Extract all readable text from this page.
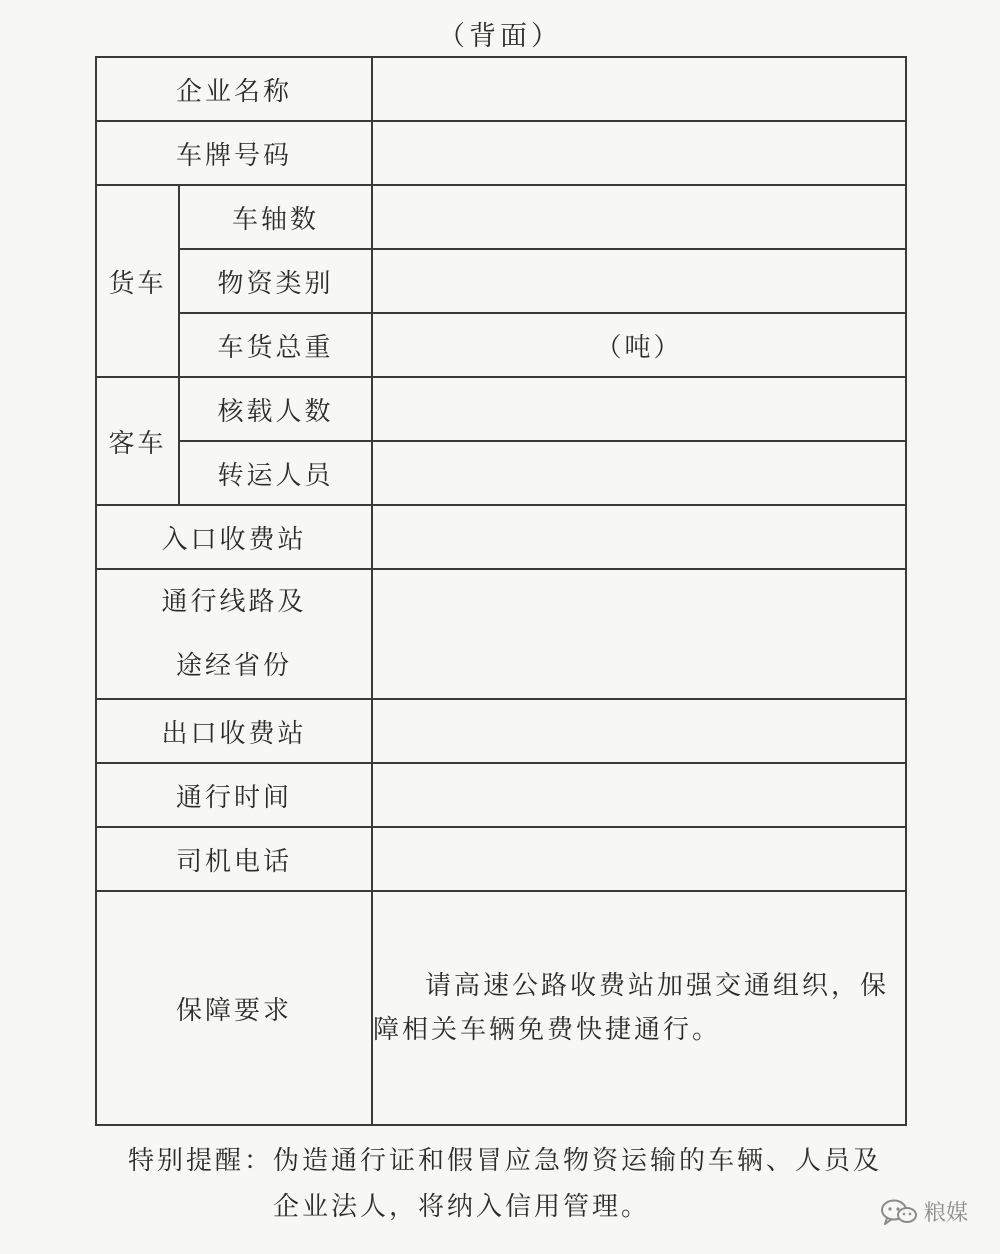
（背面）
企业名称		
车牌号码		
货车	车轴数	
	物资类别	
	车货总重	（吨）
客车	核载人数	
	转运人员	
入口收费站		

通行线路及
途经省份		

出口收费站		
通行时间		
司机电话		
保障要求		请高速公路收费站加强交通组织，保障相关车辆免费快捷通行。
特别提醒：伪造通行证和假冒应急物资运输的车辆、人员及
企业法人，将纳入信用管理。	粮媒
